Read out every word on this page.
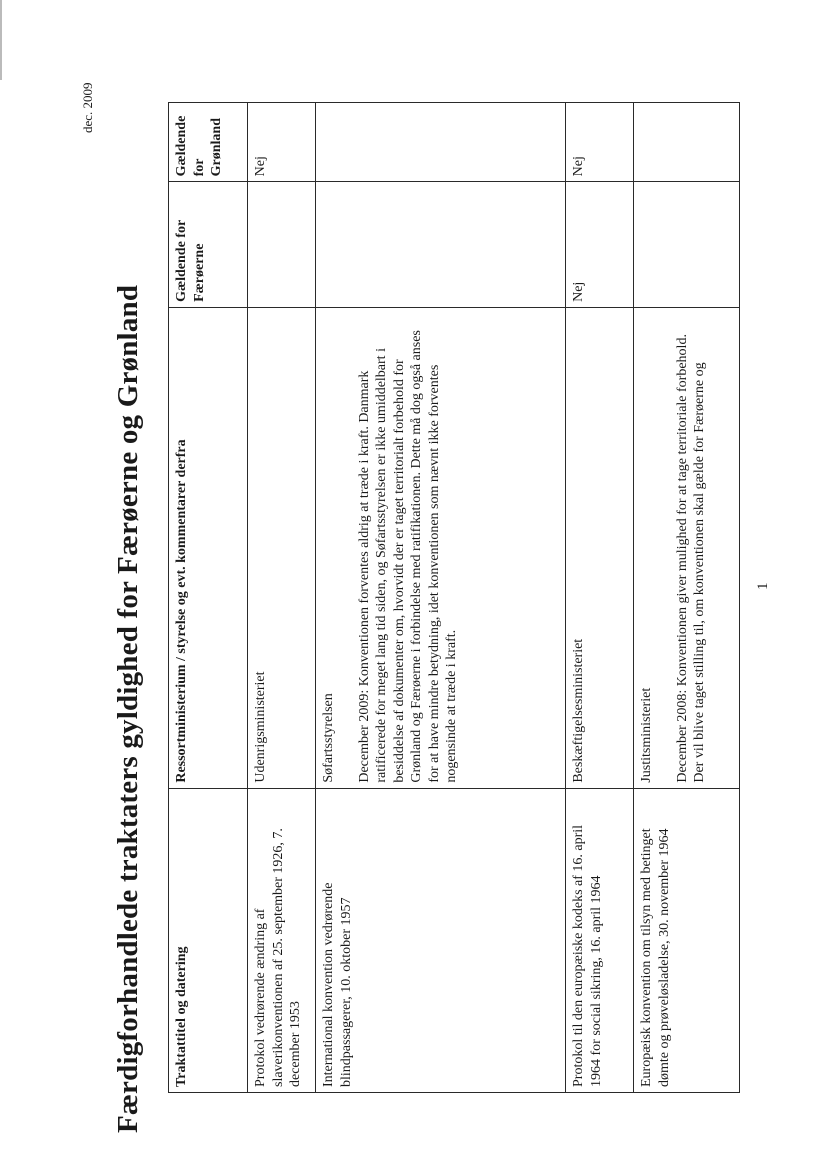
dec. 2009
Færdigforhandlede traktaters gyldighed for Færøerne og Grønland Traktattitel og datering	Ressortministerium / styrelse og evt. kommentarer derfra	Gældende for Færøerne	Gældende for Grønland
Protokol vedrørende ændring af slaverikonventionen af 25. september 1926, 7. december 1953	Udenrigsministeriet		Nej
International konvention vedrørende blindpassagerer, 10. oktober 1957	Søfartsstyrelsen December 2009: Konventionen forventes aldrig at træde i kraft. Danmark ratificerede for meget lang tid siden, og Søfartsstyrelsen er ikke umiddelbart i besiddelse af dokumenter om, hvorvidt der er taget territorialt forbehold for Grønland og Færøerne i forbindelse med ratifikationen. Dette må dog også anses for at have mindre betydning, idet konventionen som nævnt ikke forventes nogensinde at træde i kraft.		

Protokol til den europæiske kodeks af 16. april 1964 for social sikring, 16. april 1964	Beskæftigelsesministeriet	Nej	Nej
Europæisk konvention om tilsyn med betinget dømte og prøveløsladelse, 30. november 1964	Justitsministeriet December 2008: Konventionen giver mulighed for at tage territoriale forbehold. Der vil blive taget stilling til, om konventionen skal gælde for Færøerne og		
			1
